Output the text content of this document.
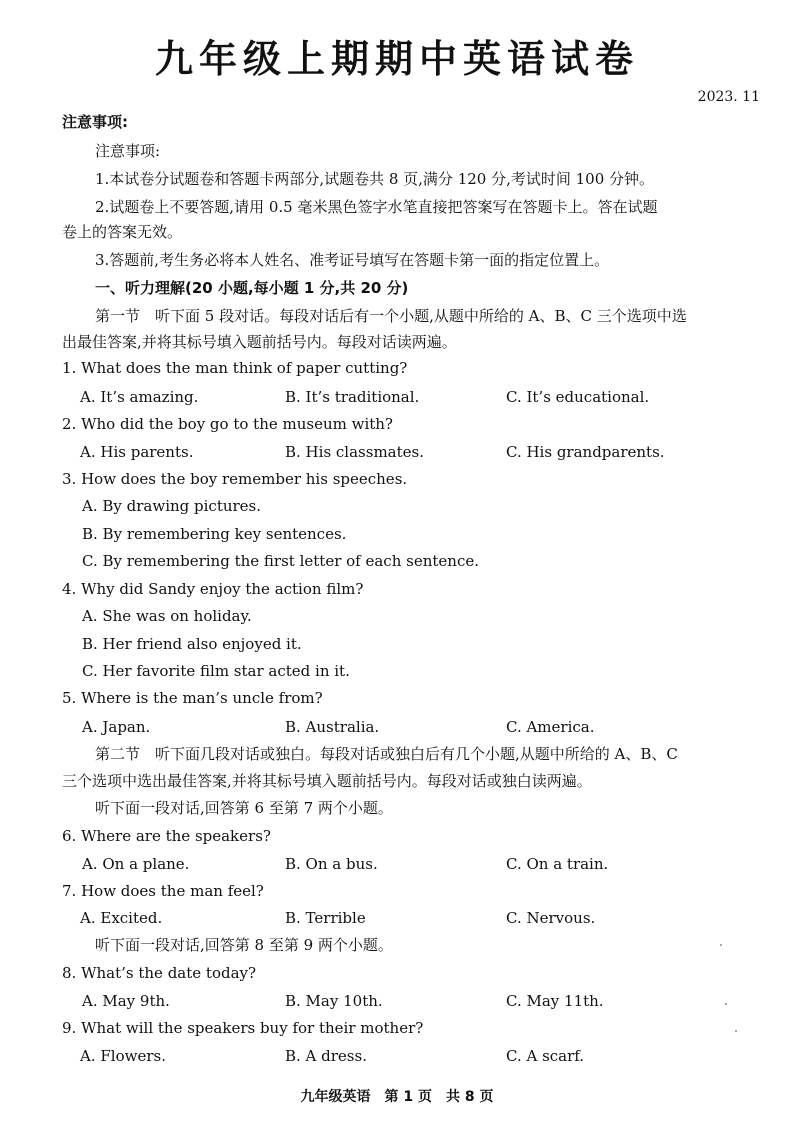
九年级上期期中英语试卷
2023. 11
注意事项:
注意事项:
1.本试卷分试题卷和答题卡两部分,试题卷共 8 页,满分 120 分,考试时间 100 分钟。
2.试题卷上不要答题,请用 0.5 毫米黑色签字水笔直接把答案写在答题卡上。答在试题
卷上的答案无效。
3.答题前,考生务必将本人姓名、准考证号填写在答题卡第一面的指定位置上。
一、听力理解(20 小题,每小题 1 分,共 20 分)
第一节　听下面 5 段对话。每段对话后有一个小题,从题中所给的 A、B、C 三个选项中选
出最佳答案,并将其标号填入题前括号内。每段对话读两遍。
1. What does the man think of paper cutting?
A. It’s amazing.	B. It’s traditional.	C. It’s educational.
2. Who did the boy go to the museum with?
A. His parents.	B. His classmates.	C. His grandparents.
3. How does the boy remember his speeches.
A. By drawing pictures.
B. By remembering key sentences.
C. By remembering the first letter of each sentence.
4. Why did Sandy enjoy the action film?
A. She was on holiday.
B. Her friend also enjoyed it.
C. Her favorite film star acted in it.
5. Where is the man’s uncle from?
A. Japan.	B. Australia.	C. America.
第二节　听下面几段对话或独白。每段对话或独白后有几个小题,从题中所给的 A、B、C
三个选项中选出最佳答案,并将其标号填入题前括号内。每段对话或独白读两遍。
听下面一段对话,回答第 6 至第 7 两个小题。
6. Where are the speakers?
A. On a plane.	B. On a bus.	C. On a train.
7. How does the man feel?
A. Excited.	B. Terrible	C. Nervous.
听下面一段对话,回答第 8 至第 9 两个小题。
8. What’s the date today?
A. May 9th.	B. May 10th.	C. May 11th.
9. What will the speakers buy for their mother?
A. Flowers.	B. A dress.	C. A scarf.
九年级英语　第 1 页　共 8 页
